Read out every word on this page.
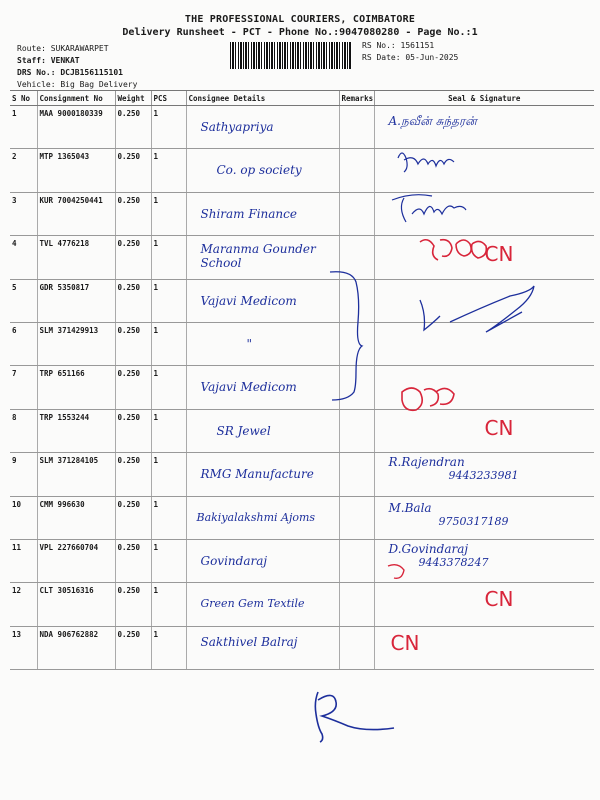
THE PROFESSIONAL COURIERS, COIMBATORE
Delivery Runsheet - PCT - Phone No.:9047080280 - Page No.:1
Route: SUKARAWARPET
Staff: VENKAT
DRS No.: DCJB156115101
Vehicle: Big Bag Delivery
RS No.: 1561151
RS Date: 05-Jun-2025
S No	Consignment No	Weight	PCS	Consignee Details	Remarks	Seal & Signature
1	MAA 9000180339	0.250	1	Sathyapriya		A.நவீன் சுந்தரன்

2	MTP 1365043	0.250	1	Co. op society		

3	KUR 7004250441	0.250	1	Shiram Finance		

4	TVL 4776218	0.250	1	Maranma Gounder School		CN

5	GDR 5350817	0.250	1	Vajavi Medicom		

6	SLM 371429913	0.250	1	"		

7	TRP 651166	0.250	1	Vajavi Medicom		

8	TRP 1553244	0.250	1	SR Jewel		CN

9	SLM 371284105	0.250	1	RMG Manufacture		R.Rajendran
9443233981

10	CMM 996630	0.250	1	Bakiyalakshmi Ajoms		M.Bala
9750317189

11	VPL 227660704	0.250	1	Govindaraj		D.Govindaraj
9443378247

12	CLT 30516316	0.250	1	Green Gem Textile		CN

13	NDA 906762882	0.250	1	Sakthivel Balraj		CN
